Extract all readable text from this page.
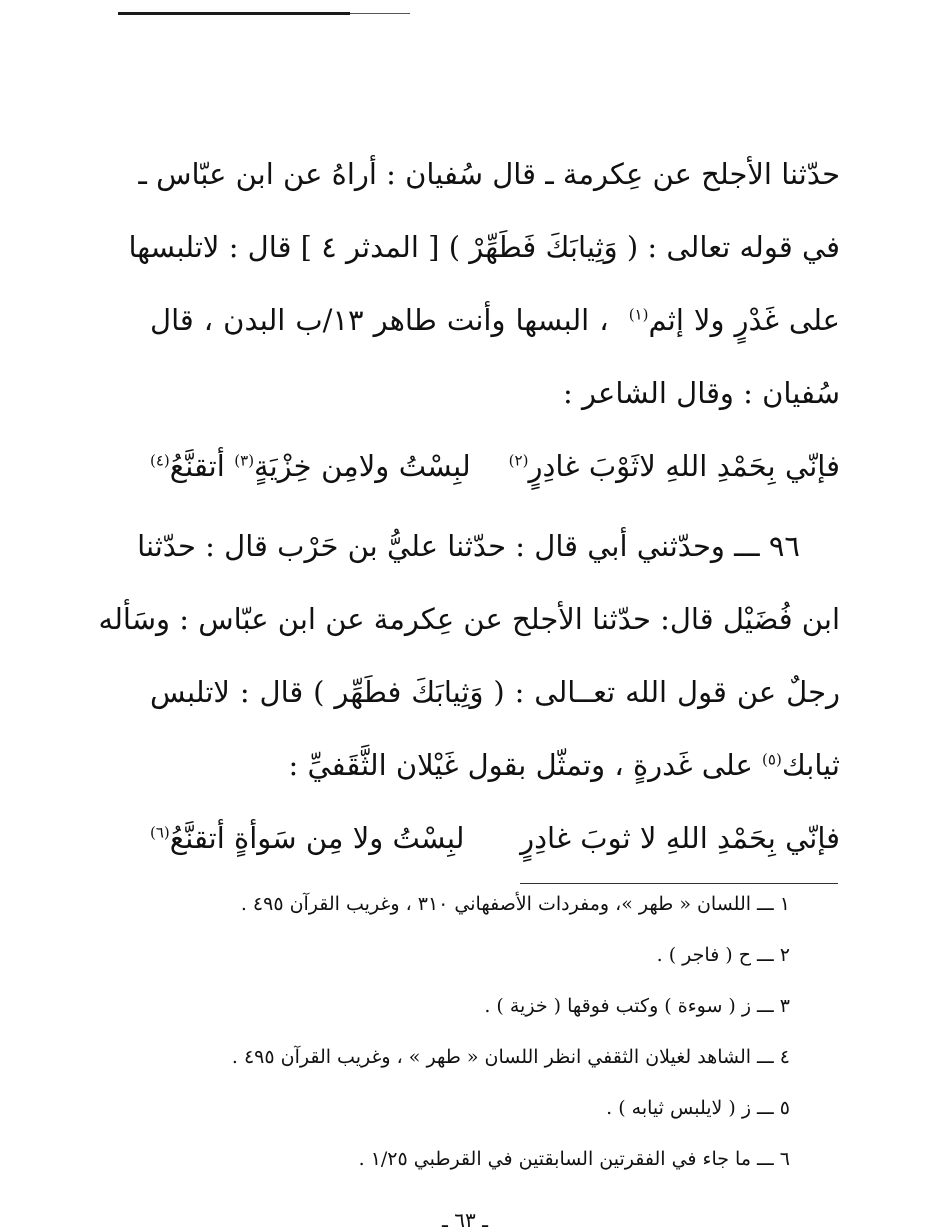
حدّثنا الأجلح عن عِكرمة ـ قال سُفيان : أراهُ عن ابن عبّاس ـ
في قوله تعالى : ( وَثِيابَكَ فَطَهِّرْ ) [ المدثر ٤ ] قال : لاتلبسها
على غَدْرٍ ولا إثم$^{(١)}$  ، البسها وأنت طاهر ١٣/ب البدن ، قال
سُفيان : وقال الشاعر :
فإنّي بِحَمْدِ اللهِ لاثَوْبَ غادِرٍ$^{(٢)}$    لبِسْتُ ولامِن خِزْيَةٍ$^{(٣)}$ أتقنَّعُ$^{(٤)}$
٩٦ ـــ وحدّثني أبي قال : حدّثنا عليُّ بن حَرْب قال : حدّثنا
ابن فُضَيْل قال: حدّثنا الأجلح عن عِكرمة عن ابن عبّاس : وسَأله
رجلٌ عن قول الله تعــالى : ( وَثِيابَكَ فطَهِّر ) قال : لاتلبس
ثيابك$^{(٥)}$ على غَدرةٍ ، وتمثّل بقول غَيْلان الثَّقَفيِّ :
فإنّي بِحَمْدِ اللهِ لا ثوبَ غادِرٍ      لبِسْتُ ولا مِن سَوأةٍ أتقنَّعُ$^{(٦)}$
١ ـــاللسان « طهر »، ومفردات الأصفهاني ٣١٠ ، وغريب القرآن ٤٩٥ .
٢ ـــح ( فاجر ) .
٣ ـــز ( سوءة ) وكتب فوقها ( خزية ) .
٤ ـــالشاهد لغيلان الثقفي انظر اللسان « طهر » ، وغريب القرآن ٤٩٥ .
٥ ـــز ( لايلبس ثيابه ) .
٦ ـــما جاء في الفقرتين السابقتين في القرطبي ١/٢٥ .
ـ ٦٣ ـ
